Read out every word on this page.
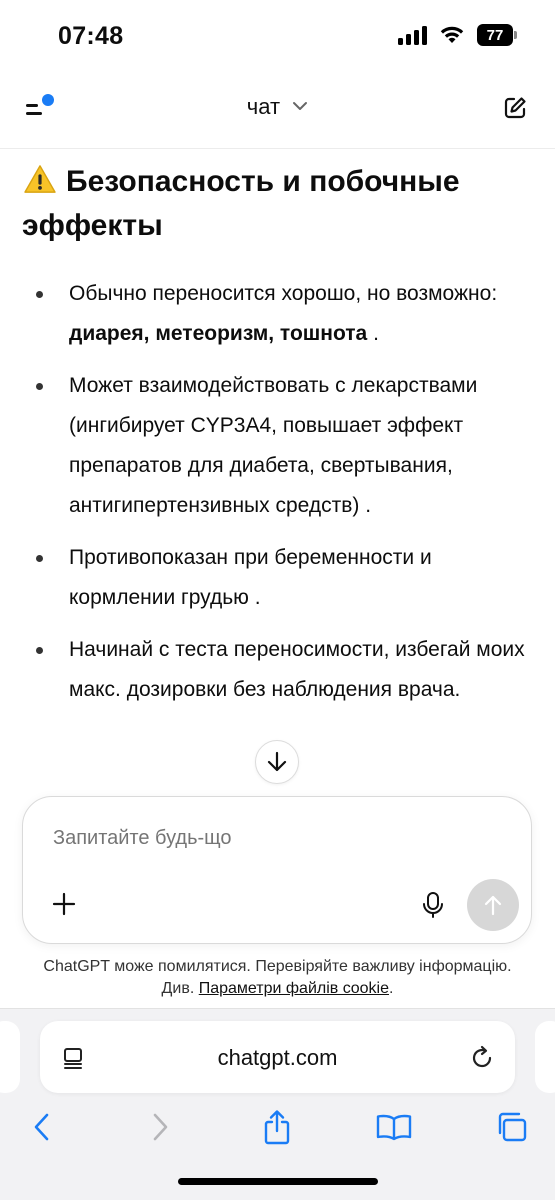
07:48	77
чат
Безопасность и побочные эффекты
Обычно переносится хорошо, но возможно: диарея, метеоризм, тошнота .
Может взаимодействовать с лекарствами (ингибирует CYP3A4, повышает эффект препаратов для диабета, свертывания, антигипертензивных средств) .
Противопоказан при беременности и кормлении грудью .
Начинай с теста переносимости, избегай моих макс. дозировки без наблюдения врача.
Запитайте будь-що
ChatGPT може помилятися. Перевіряйте важливу інформацію.
Див. Параметри файлів cookie.
chatgpt.com
